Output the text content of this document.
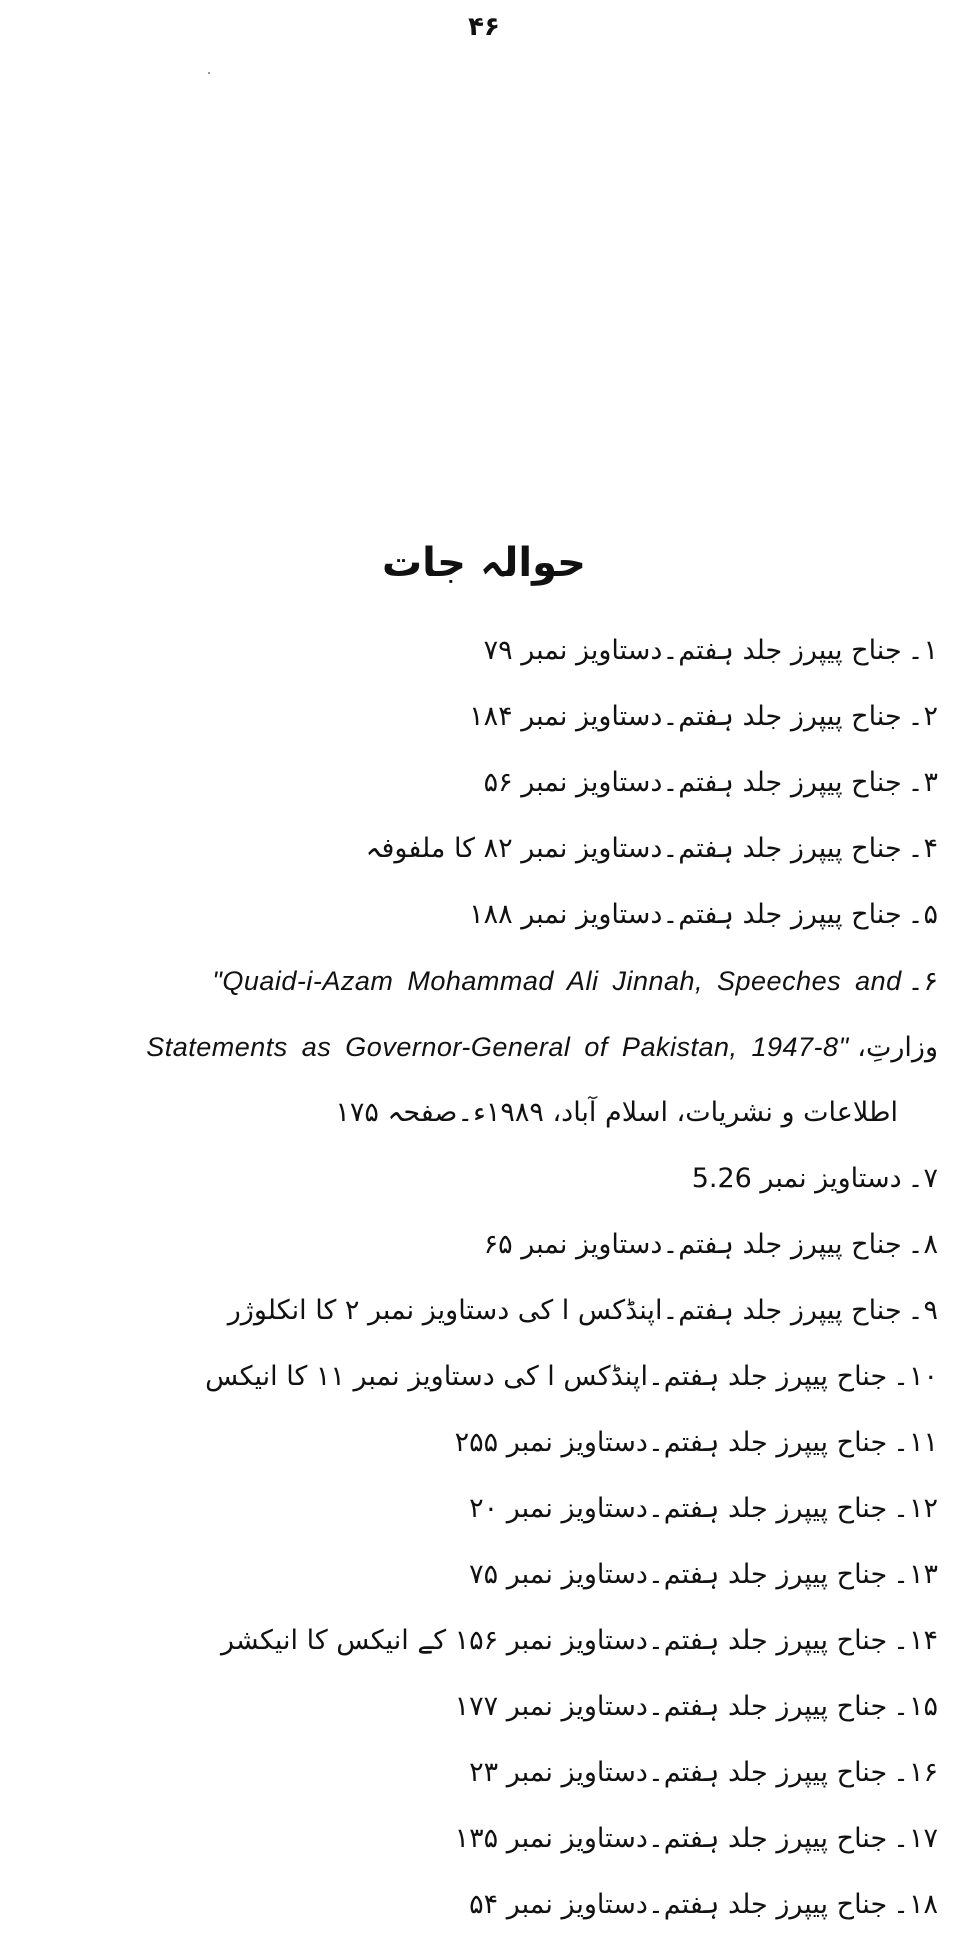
۴۶
حوالہ جات
۱۔جناح پیپرز جلد ہفتم۔دستاویز نمبر ۷۹
۲۔جناح پیپرز جلد ہفتم۔دستاویز نمبر ۱۸۴
۳۔جناح پیپرز جلد ہفتم۔دستاویز نمبر ۵۶
۴۔جناح پیپرز جلد ہفتم۔دستاویز نمبر ۸۲ کا ملفوفہ
۵۔جناح پیپرز جلد ہفتم۔دستاویز نمبر ۱۸۸
۶۔"Quaid-i-Azam Mohammad Ali Jinnah, Speeches and
وزارتِ، Statements as Governor-General of Pakistan, 1947-8"
اطلاعات و نشریات، اسلام آباد، ۱۹۸۹ء۔صفحہ ۱۷۵
۷۔دستاویز نمبر 5.26
۸۔جناح پیپرز جلد ہفتم۔دستاویز نمبر ۶۵
۹۔جناح پیپرز جلد ہفتم۔اپنڈکس ا کی دستاویز نمبر ۲ کا انکلوژر
۱۰۔جناح پیپرز جلد ہفتم۔اپنڈکس ا کی دستاویز نمبر ۱۱ کا انیکس
۱۱۔جناح پیپرز جلد ہفتم۔دستاویز نمبر ۲۵۵
۱۲۔جناح پیپرز جلد ہفتم۔دستاویز نمبر ۲۰
۱۳۔جناح پیپرز جلد ہفتم۔دستاویز نمبر ۷۵
۱۴۔جناح پیپرز جلد ہفتم۔دستاویز نمبر ۱۵۶ کے انیکس کا انیکشر
۱۵۔جناح پیپرز جلد ہفتم۔دستاویز نمبر ۱۷۷
۱۶۔جناح پیپرز جلد ہفتم۔دستاویز نمبر ۲۳
۱۷۔جناح پیپرز جلد ہفتم۔دستاویز نمبر ۱۳۵
۱۸۔جناح پیپرز جلد ہفتم۔دستاویز نمبر ۵۴
